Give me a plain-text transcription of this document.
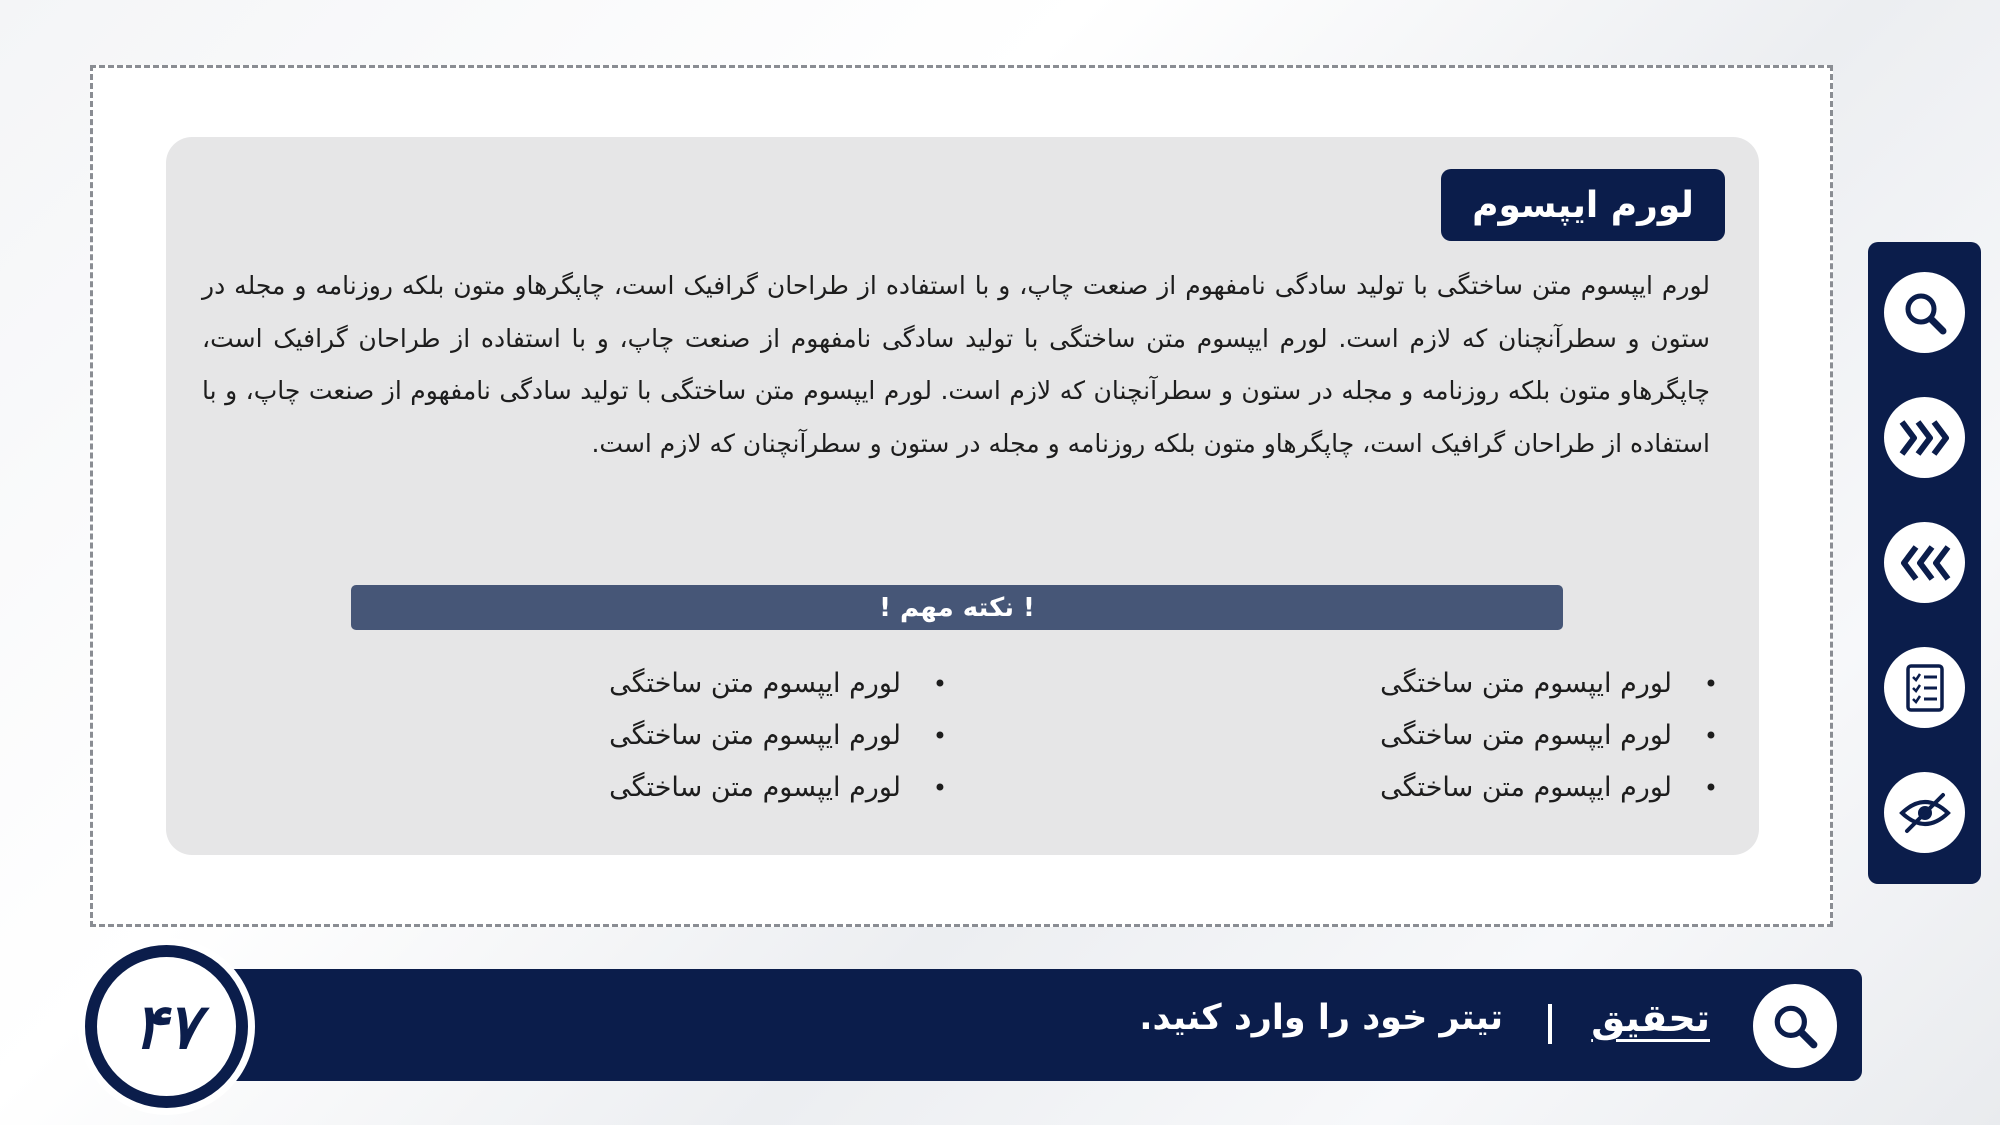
لورم ایپسوم
لورم ایپسوم متن ساختگی با تولید سادگی نامفهوم از صنعت چاپ، و با استفاده از طراحان گرافیک است، چاپگرهاو متون بلکه روزنامه و مجله در ستون و سطرآنچنان که لازم است. لورم ایپسوم متن ساختگی با تولید سادگی نامفهوم از صنعت چاپ، و با استفاده از طراحان گرافیک است، چاپگرهاو متون بلکه روزنامه و مجله در ستون و سطرآنچنان که لازم است. لورم ایپسوم متن ساختگی با تولید سادگی نامفهوم از صنعت چاپ، و با استفاده از طراحان گرافیک است، چاپگرهاو متون بلکه روزنامه و مجله در ستون و سطرآنچنان که لازم است.
! نکته مهم !
• لورم ایپسوم متن ساختگی
• لورم ایپسوم متن ساختگی
• لورم ایپسوم متن ساختگی
• لورم ایپسوم متن ساختگی
• لورم ایپسوم متن ساختگی
• لورم ایپسوم متن ساختگی
تحقیق
تیتر خود را وارد کنید.
۴۷
